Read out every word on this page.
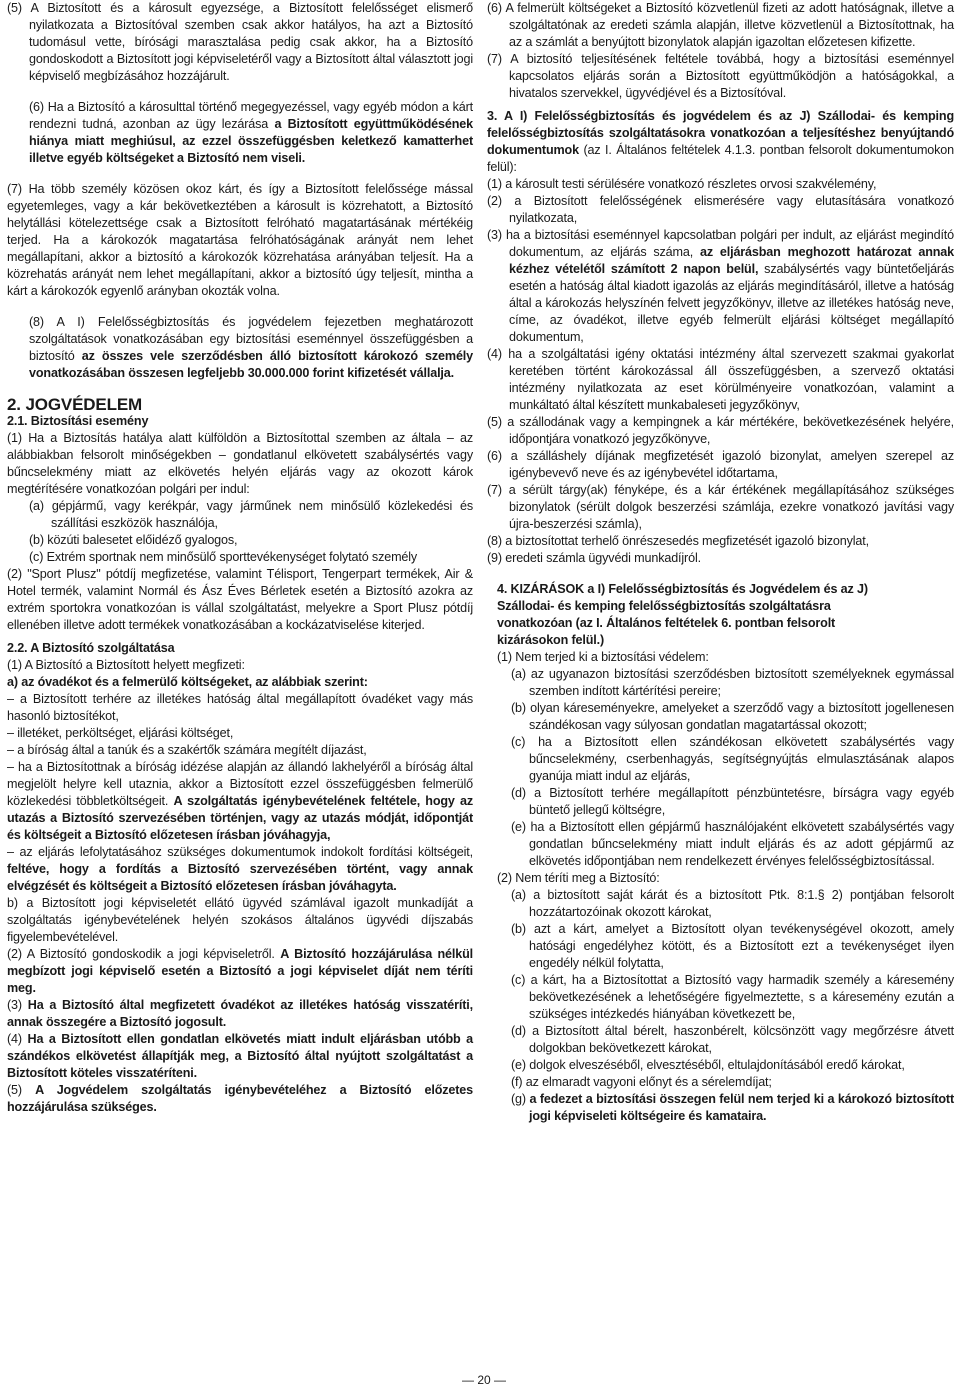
(5) A Biztosított és a károsult egyezsége, a Biztosított felelősséget elismerő nyilatkozata a Biztosítóval szemben csak akkor hatályos, ha azt a Biztosító tudomásul vette, bírósági marasztalása pedig csak akkor, ha a Biztosító gondoskodott a Biztosított jogi képviseletéről vagy a Biztosított által választott jogi képviselő megbízásához hozzájárult.

(6) Ha a Biztosító a károsulttal történő megegyezéssel, vagy egyéb módon a kárt rendezni tudná, azonban az ügy lezárása a Biztosított együttműködésének hiánya miatt meghiúsul, az ezzel összefüggésben keletkező kamatterhet illetve egyéb költségeket a Biztosító nem viseli.

(7) Ha több személy közösen okoz kárt, és így a Biztosított felelőssége mással egyetemleges, vagy a kár bekövetkeztében a károsult is közrehatott, a Biztosító helytállási kötelezettsége csak a Biztosított felróható magatartásának mértékéig terjed. Ha a károkozók magatartása felróhatóságának arányát nem lehet megállapítani, akkor a biztosító a károkozók közrehatása arányában teljesít. Ha a közrehatás arányát nem lehet megállapítani, akkor a biztosító úgy teljesít, mintha a kárt a károkozók egyenlő arányban okozták volna.

(8) A I) Felelősségbiztosítás és jogvédelem fejezetben meghatározott szolgáltatások vonatkozásában egy biztosítási eseménnyel összefüggésben a biztosító az összes vele szerződésben álló biztosított károkozó személy vonatkozásában összesen legfeljebb 30.000.000 forint kifizetését vállalja.

2. JOGVÉDELEM

2.1. Biztosítási esemény

(1) Ha a Biztosítás hatálya alatt külföldön a Biztosítottal szemben az általa – az alábbiakban felsorolt minőségekben – gondatlanul elkövetett szabálysértés vagy bűncselekmény miatt az elkövetés helyén eljárás vagy az okozott károk megtérítésére vonatkozóan polgári per indul:

(a) gépjármű, vagy kerékpár, vagy járműnek nem minősülő közlekedési és szállítási eszközök használója,

(b) közúti balesetet előidéző gyalogos,

(c) Extrém sportnak nem minősülő sporttevékenységet folytató személy

(2) "Sport Plusz" pótdíj megfizetése, valamint Télisport, Tengerpart termékek, Air & Hotel termék, valamint Normál és Ász Éves Bérletek esetén a Biztosító azokra az extrém sportokra vonatkozóan is vállal szolgáltatást, melyekre a Sport Plusz pótdíj ellenében illetve adott termékek vonatkozásában a kockázatviselése kiterjed.

2.2. A Biztosító szolgáltatása

(1) A Biztosító a Biztosított helyett megfizeti:

a) az óvadékot és a felmerülő költségeket, az alábbiak szerint:

– a Biztosított terhére az illetékes hatóság által megállapított óvadéket vagy más hasonló biztosítékot,

– illetéket, perköltséget, eljárási költséget,

– a bíróság által a tanúk és a szakértők számára megítélt díjazást,

– ha a Biztosítottnak a bíróság idézése alapján az állandó lakhelyéről a bíróság által megjelölt helyre kell utaznia, akkor a Biztosított ezzel összefüggésben felmerülő közlekedési többletköltségeit. A szolgáltatás igénybevételének feltétele, hogy az utazás a Biztosító szervezésében történjen, vagy az utazás módját, időpontját és költségeit a Biztosító előzetesen írásban jóváhagyja,

– az eljárás lefolytatásához szükséges dokumentumok indokolt fordítási költségeit, feltéve, hogy a fordítás a Biztosító szervezésében történt, vagy annak elvégzését és költségeit a Biztosító előzetesen írásban jóváhagyta.

b) a Biztosított jogi képviseletét ellátó ügyvéd számlával igazolt munkadíját a szolgáltatás igénybevételének helyén szokásos általános ügyvédi díjszabás figyelembevételével.

(2) A Biztosító gondoskodik a jogi képviseletről. A Biztosító hozzájárulása nélkül megbízott jogi képviselő esetén a Biztosító a jogi képviselet díját nem téríti meg.

(3) Ha a Biztosító által megfizetett óvadékot az illetékes hatóság visszatéríti, annak összegére a Biztosító jogosult.

(4) Ha a Biztosított ellen gondatlan elkövetés miatt indult eljárásban utóbb a szándékos elkövetést állapítják meg, a Biztosító által nyújtott szolgáltatást a Biztosított köteles visszatéríteni.

(5) A Jogvédelem szolgáltatás igénybevételéhez a Biztosító előzetes hozzájárulása szükséges.

(6) A felmerült költségeket a Biztosító közvetlenül fizeti az adott hatóságnak, illetve a szolgáltatónak az eredeti számla alapján, illetve közvetlenül a Biztosítottnak, ha az a számlát a benyújtott bizonylatok alapján igazoltan előzetesen kifizette.

(7) A biztosító teljesítésének feltétele továbbá, hogy a biztosítási eseménnyel kapcsolatos eljárás során a Biztosított együttműködjön a hatóságokkal, a hivatalos szervekkel, ügyvédjével és a Biztosítóval.

3. A I) Felelősségbiztosítás és jogvédelem és az J) Szállodai- és kemping felelősségbiztosítás szolgáltatásokra vonatkozóan a teljesítéshez benyújtandó dokumentumok (az I. Általános feltételek 4.1.3. pontban felsorolt dokumentumokon felül):

(1) a károsult testi sérülésére vonatkozó részletes orvosi szakvélemény,

(2) a Biztosított felelősségének elismerésére vagy elutasítására vonatkozó nyilatkozata,

(3) ha a biztosítási eseménnyel kapcsolatban polgári per indult, az eljárást megindító dokumentum, az eljárás száma, az eljárásban meghozott határozat annak kézhez vételétől számított 2 napon belül, szabálysértés vagy büntetőeljárás esetén a hatóság által kiadott igazolás az eljárás megindításáról, illetve a hatóság által a károkozás helyszínén felvett jegyzőkönyv, illetve az illetékes hatóság neve, címe, az óvadékot, illetve egyéb felmerült eljárási költséget megállapító dokumentum,

(4) ha a szolgáltatási igény oktatási intézmény által szervezett szakmai gyakorlat keretében történt károkozással áll összefüggésben, a szervező oktatási intézmény nyilatkozata az eset körülményeire vonatkozóan, valamint a munkáltató által készített munkabaleseti jegyzőkönyv,

(5) a szállodának vagy a kempingnek a kár mértékére, bekövetkezésének helyére, időpontjára vonatkozó jegyzőkönyve,

(6) a szálláshely díjának megfizetését igazoló bizonylat, amelyen szerepel az igénybevevő neve és az igénybevétel időtartama,

(7) a sérült tárgy(ak) fényképe, és a kár értékének megállapításához szükséges bizonylatok (sérült dolgok beszerzési számlája, ezekre vonatkozó javítási vagy újra-beszerzési számla),

(8) a biztosítottat terhelő önrészesedés megfizetését igazoló bizonylat,

(9) eredeti számla ügyvédi munkadíjról.

4. KIZÁRÁSOK a I) Felelősségbiztosítás és Jogvédelem és az J) Szállodai- és kemping felelősségbiztosítás szolgáltatásra vonatkozóan (az I. Általános feltételek 6. pontban felsorolt kizárásokon felül.)

(1) Nem terjed ki a biztosítási védelem:

(a) az ugyanazon biztosítási szerződésben biztosított személyeknek egymással szemben indított kártérítési pereire;

(b) olyan káreseményekre, amelyeket a szerződő vagy a biztosított jogellenesen szándékosan vagy súlyosan gondatlan magatartással okozott;

(c) ha a Biztosított ellen szándékosan elkövetett szabálysértés vagy bűncselekmény, cserbenhagyás, segítségnyújtás elmulasztásának alapos gyanúja miatt indul az eljárás,

(d) a Biztosított terhére megállapított pénzbüntetésre, bírságra vagy egyéb büntető jellegű költségre,

(e) ha a Biztosított ellen gépjármű használójaként elkövetett szabálysértés vagy gondatlan bűncselekmény miatt indult eljárás és az adott gépjármű az elkövetés időpontjában nem rendelkezett érvényes felelősségbiztosítással.

(2) Nem téríti meg a Biztosító:

(a) a biztosított saját kárát és a biztosított Ptk. 8:1.§ 2) pontjában felsorolt hozzátartozóinak okozott károkat,

(b) azt a kárt, amelyet a Biztosított olyan tevékenységével okozott, amely hatósági engedélyhez kötött, és a Biztosított ezt a tevékenységet ilyen engedély nélkül folytatta,

(c) a kárt, ha a Biztosítottat a Biztosító vagy harmadik személy a káresemény bekövetkezésének a lehetőségére figyelmeztette, s a káresemény ezután a szükséges intézkedés hiányában következett be,

(d) a Biztosított által bérelt, haszonbérelt, kölcsönzött vagy megőrzésre átvett dolgokban bekövetkezett károkat,

(e) dolgok elveszéséből, elvesztéséből, eltulajdonításából eredő károkat,

(f) az elmaradt vagyoni előnyt és a sérelemdíjat;

(g) a fedezet a biztosítási összegen felül nem terjed ki a károkozó biztosított jogi képviseleti költségeire és kamataira.

— 20 —
